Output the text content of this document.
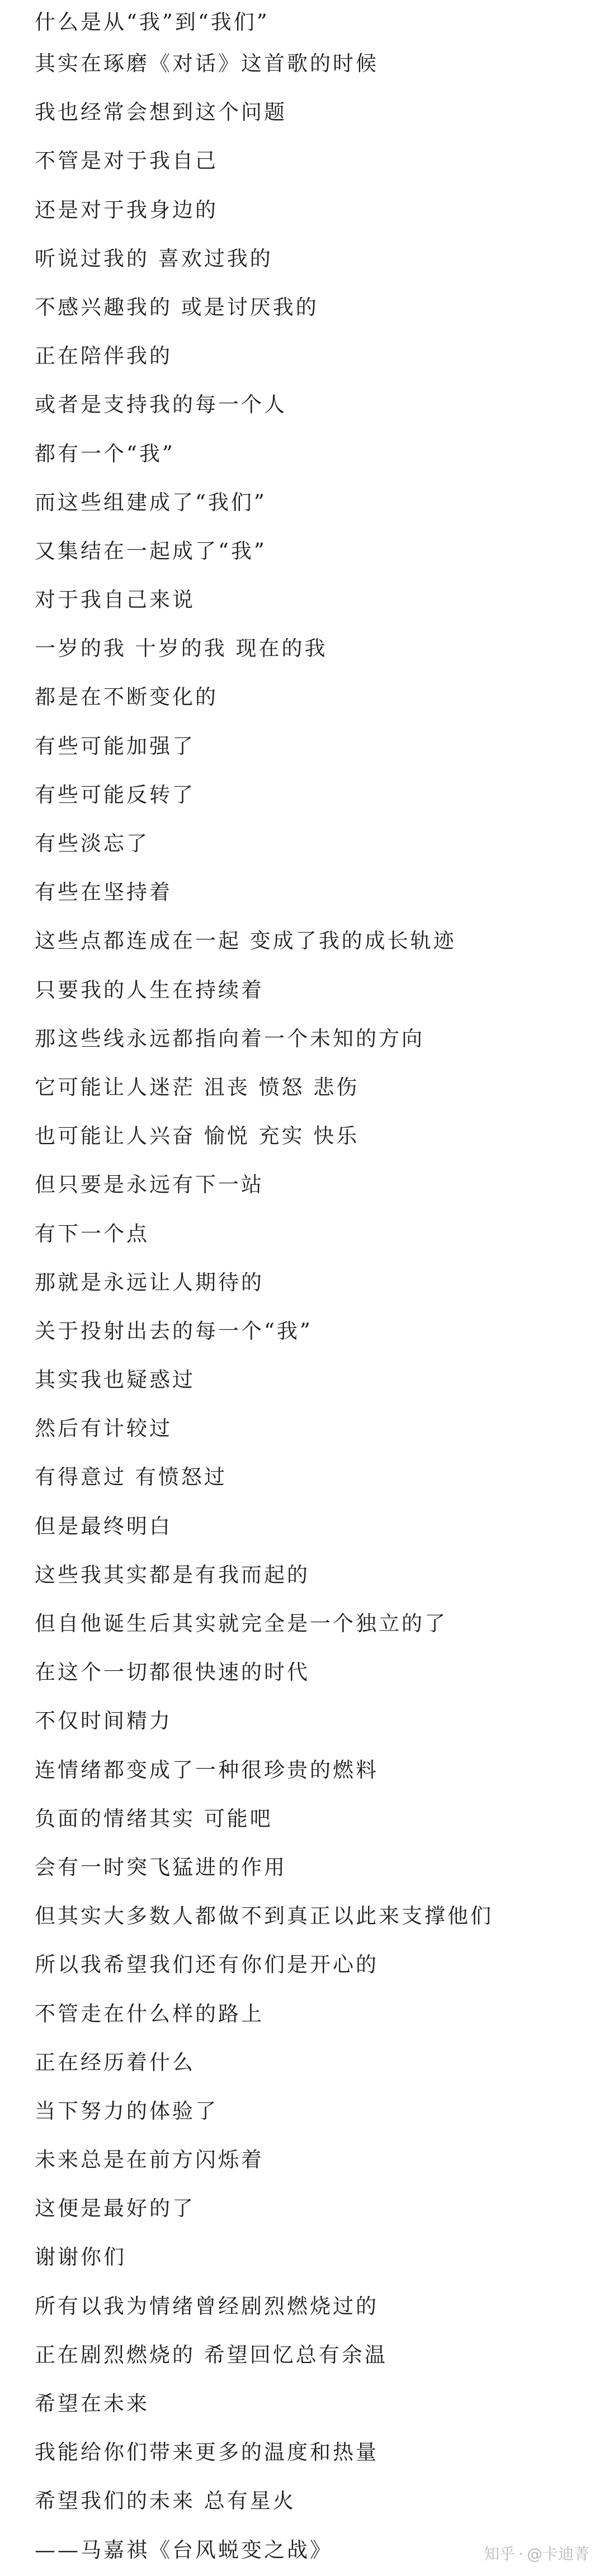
什么是从“我”到“我们”
其实在琢磨《对话》这首歌的时候
我也经常会想到这个问题
不管是对于我自己
还是对于我身边的
听说过我的 喜欢过我的
不感兴趣我的 或是讨厌我的
正在陪伴我的
或者是支持我的每一个人
都有一个“我”
而这些组建成了“我们”
又集结在一起成了“我”
对于我自己来说
一岁的我 十岁的我 现在的我
都是在不断变化的
有些可能加强了
有些可能反转了
有些淡忘了
有些在坚持着
这些点都连成在一起 变成了我的成长轨迹
只要我的人生在持续着
那这些线永远都指向着一个未知的方向
它可能让人迷茫 沮丧 愤怒 悲伤
也可能让人兴奋 愉悦 充实 快乐
但只要是永远有下一站
有下一个点
那就是永远让人期待的
关于投射出去的每一个“我”
其实我也疑惑过
然后有计较过
有得意过 有愤怒过
但是最终明白
这些我其实都是有我而起的
但自他诞生后其实就完全是一个独立的了
在这个一切都很快速的时代
不仅时间精力
连情绪都变成了一种很珍贵的燃料
负面的情绪其实 可能吧
会有一时突飞猛进的作用
但其实大多数人都做不到真正以此来支撑他们
所以我希望我们还有你们是开心的
不管走在什么样的路上
正在经历着什么
当下努力的体验了
未来总是在前方闪烁着
这便是最好的了
谢谢你们
所有以我为情绪曾经剧烈燃烧过的
正在剧烈燃烧的 希望回忆总有余温
希望在未来
我能给你们带来更多的温度和热量
希望我们的未来 总有星火
——马嘉祺《台风蜕变之战》	知乎 · @卡迪菁
